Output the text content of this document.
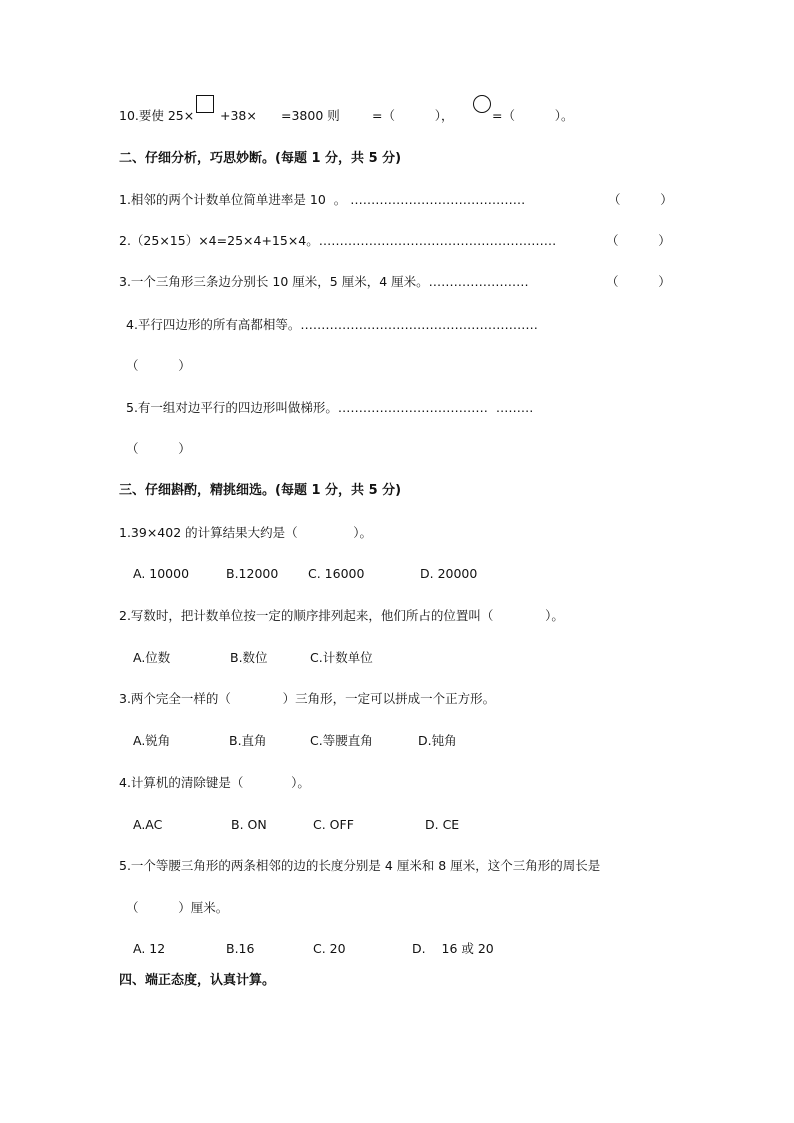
10.要使 25× +38× =3800 则	=（          ），	=（          ）。
二、仔细分析，巧思妙断。(每题 1 分，共 5 分)
1.相邻的两个计数单位简单进率是 10  。 ……………………………………	（          ）
2.（25×15）×4=25×4+15×4。…………………………………………………	（          ）
3.一个三角形三条边分别长 10 厘米，5 厘米，4 厘米。……………………	（          ）
4.平行四边形的所有高都相等。…………………………………………………
（          ）
5.有一组对边平行的四边形叫做梯形。………………………………  ………
（          ）
三、仔细斟酌，精挑细选。(每题 1 分，共 5 分)
1.39×402 的计算结果大约是（              ）。
A. 10000	B.12000 C. 16000	D. 20000
2.写数时，把计数单位按一定的顺序排列起来，他们所占的位置叫（             ）。
A.位数	B.数位	C.计数单位
3.两个完全一样的（             ）三角形，一定可以拼成一个正方形。
A.锐角	B.直角	C.等腰直角	D.钝角
4.计算机的清除键是（            ）。
A.AC	B. ON	C. OFF	D. CE
5.一个等腰三角形的两条相邻的边的长度分别是 4 厘米和 8 厘米，这个三角形的周长是
（          ）厘米。
A. 12	B.16	C. 20	D.    16 或 20
四、端正态度，认真计算。
